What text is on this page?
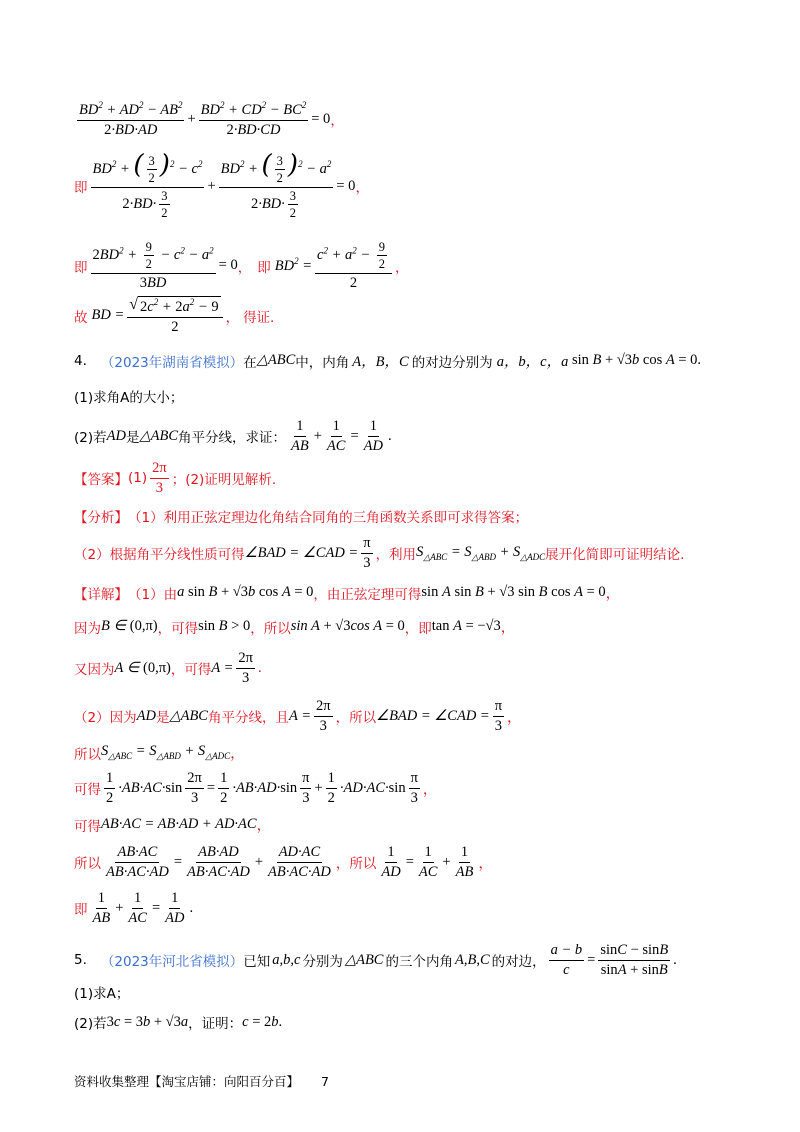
$\frac{BD^2 + AD^2 - AB^2}{2\cdot BD\cdot AD} + \frac{BD^2 + CD^2 - BC^2}{2\cdot BD\cdot CD} = 0$ ，
即 $\frac{BD^2 + ( \frac{3}{2} )^2 - c^2}{2\cdot BD\cdot \frac{3}{2}} + \frac{BD^2 + ( \frac{3}{2} )^2 - a^2}{2\cdot BD\cdot \frac{3}{2}} = 0$ ，
即 $\frac{2BD^2 + \frac{9}{2} - c^2 - a^2}{3BD} = 0$ ， 即 $BD^2 = \frac{c^2 + a^2 - \frac{9}{2}}{2}$ ，
故 BD = $\frac{√ 2c^2 + 2a^2 - 9}{2}$ ， 得证.
4. （2023年湖南省模拟） 在 △ABC 中，内角 A，B，C 的对边分别为 a，b，c，a sin B + √3 b cos A = 0.
(1)求角A的大小；
(2)若 AD 是 △ABC 角平分线，求证： $\frac{1}{AB} + \frac{1}{AC} = \frac{1}{AD}$ .
【答案】 $(1) \frac{2\pi}{3}$ ；(2)证明见解析.
【分析】 （1）利用正弦定理边化角结合同角的三角函数关系即可求得答案；
（2）根据角平分线性质可得 ∠BAD = ∠CAD = $\frac{\pi}{3}$ ，利用 $S_{\triangle ABC} = S_{\triangle ABD} + S_{\triangle ADC}$ 展开化简即可证明结论.
【详解】 （1）由 a sin B + √3b cos A = 0 ，由正弦定理可得 sin A sin B + √3 sin B cos A = 0 ，
因为 B ∈ (0,π) ，可得 sin B > 0 ，所以 sin A + √3cos A = 0 ，即 tan A = −√3 ，
又因为 A ∈ (0,π) ，可得 $A = \frac{2\pi}{3}$ .
（2）因为 AD 是 △ABC 角平分线，且 $A = \frac{2\pi}{3}$ ，所以 ∠BAD = ∠CAD = $\frac{\pi}{3}$ ，
所以 $S_{\triangle ABC} = S_{\triangle ABD} + S_{\triangle ADC}$ ，
可得 $\frac{1}{2} \cdot AB\cdot AC\cdot \sin \frac{2\pi}{3} = \frac{1}{2} \cdot AB\cdot AD\cdot \sin \frac{\pi}{3} + \frac{1}{2} \cdot AD\cdot AC\cdot \sin \frac{\pi}{3}$ ，
可得 AB·AC = AB·AD + AD·AC ，
所以 $\frac{AB\cdot AC}{AB\cdot AC\cdot AD} = \frac{AB\cdot AD}{AB\cdot AC\cdot AD} + \frac{AD\cdot AC}{AB\cdot AC\cdot AD}$ ，所以 $\frac{1}{AD} = \frac{1}{AC} + \frac{1}{AB}$ ，
即 $\frac{1}{AB} + \frac{1}{AC} = \frac{1}{AD}$ .
5. （2023年河北省模拟） 已知 a,b,c 分别为 △ABC 的三个内角 A,B,C 的对边， $\frac{a - b}{c} = \frac{\sin C - \sin B}{\sin A + \sin B}$ .
(1)求A；
(2)若 3c = 3b + √3a ，证明： c = 2b.
资料收集整理【淘宝店铺：向阳百分百】 7
